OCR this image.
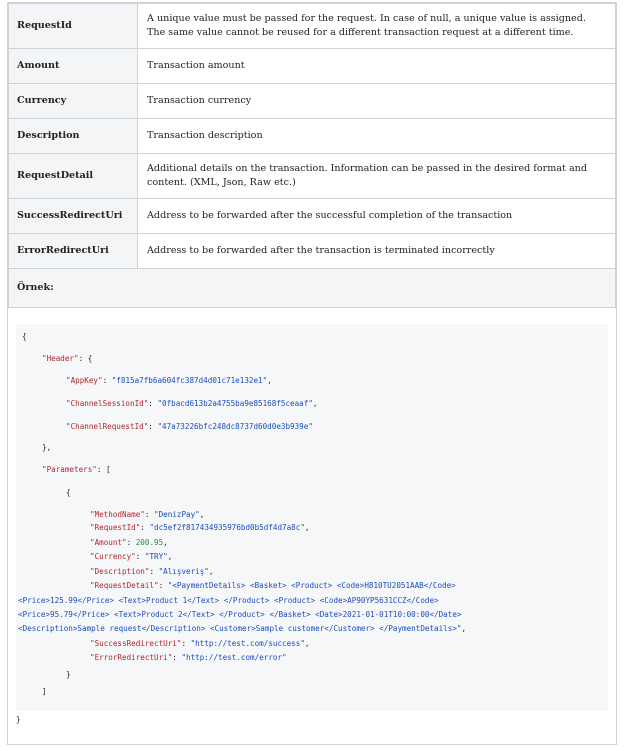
RequestId	A unique value must be passed for the request. In case of null, a unique value is assigned. The same value cannot be reused for a different transaction request at a different time.
Amount	Transaction amount
Currency	Transaction currency
Description	Transaction description
RequestDetail	Additional details on the transaction. Information can be passed in the desired format and content. (XML, Json, Raw etc.)
SuccessRedirectUri	Address to be forwarded after the successful completion of the transaction
ErrorRedirectUri	Address to be forwarded after the transaction is terminated incorrectly
Örnek:	
{
"Header": {
"AppKey": "f815a7fb6a604fc387d4d01c71e132e1",
"ChannelSessionId": "0fbacd613b2a4755ba9e85168f5ceaaf",
"ChannelRequestId": "47a73226bfc248dc8737d60d0e3b939e"
},
"Parameters": [
{
"MethodName": "DenizPay",
"RequestId": "dc5ef2f817434935976bd0b5df4d7a8c",
"Amount": 200.95,
"Currency": "TRY",
"Description": "Alışveriş",
"RequestDetail": "<PaymentDetails> <Basket> <Product> <Code>H810TU2051AAB</Code>
<Price>125.99</Price> <Text>Product 1</Text> </Product> <Product> <Code>AP90YP5631CCZ</Code>
<Price>95.79</Price> <Text>Product 2</Text> </Product> </Basket> <Date>2021-01-01T10:00:00</Date>
<Description>Sample request</Description> <Customer>Sample customer</Customer> </PaymentDetails>",
"SuccessRedirectUri": "http://test.com/success",
"ErrorRedirectUri": "http://test.com/error"
}
]
}
